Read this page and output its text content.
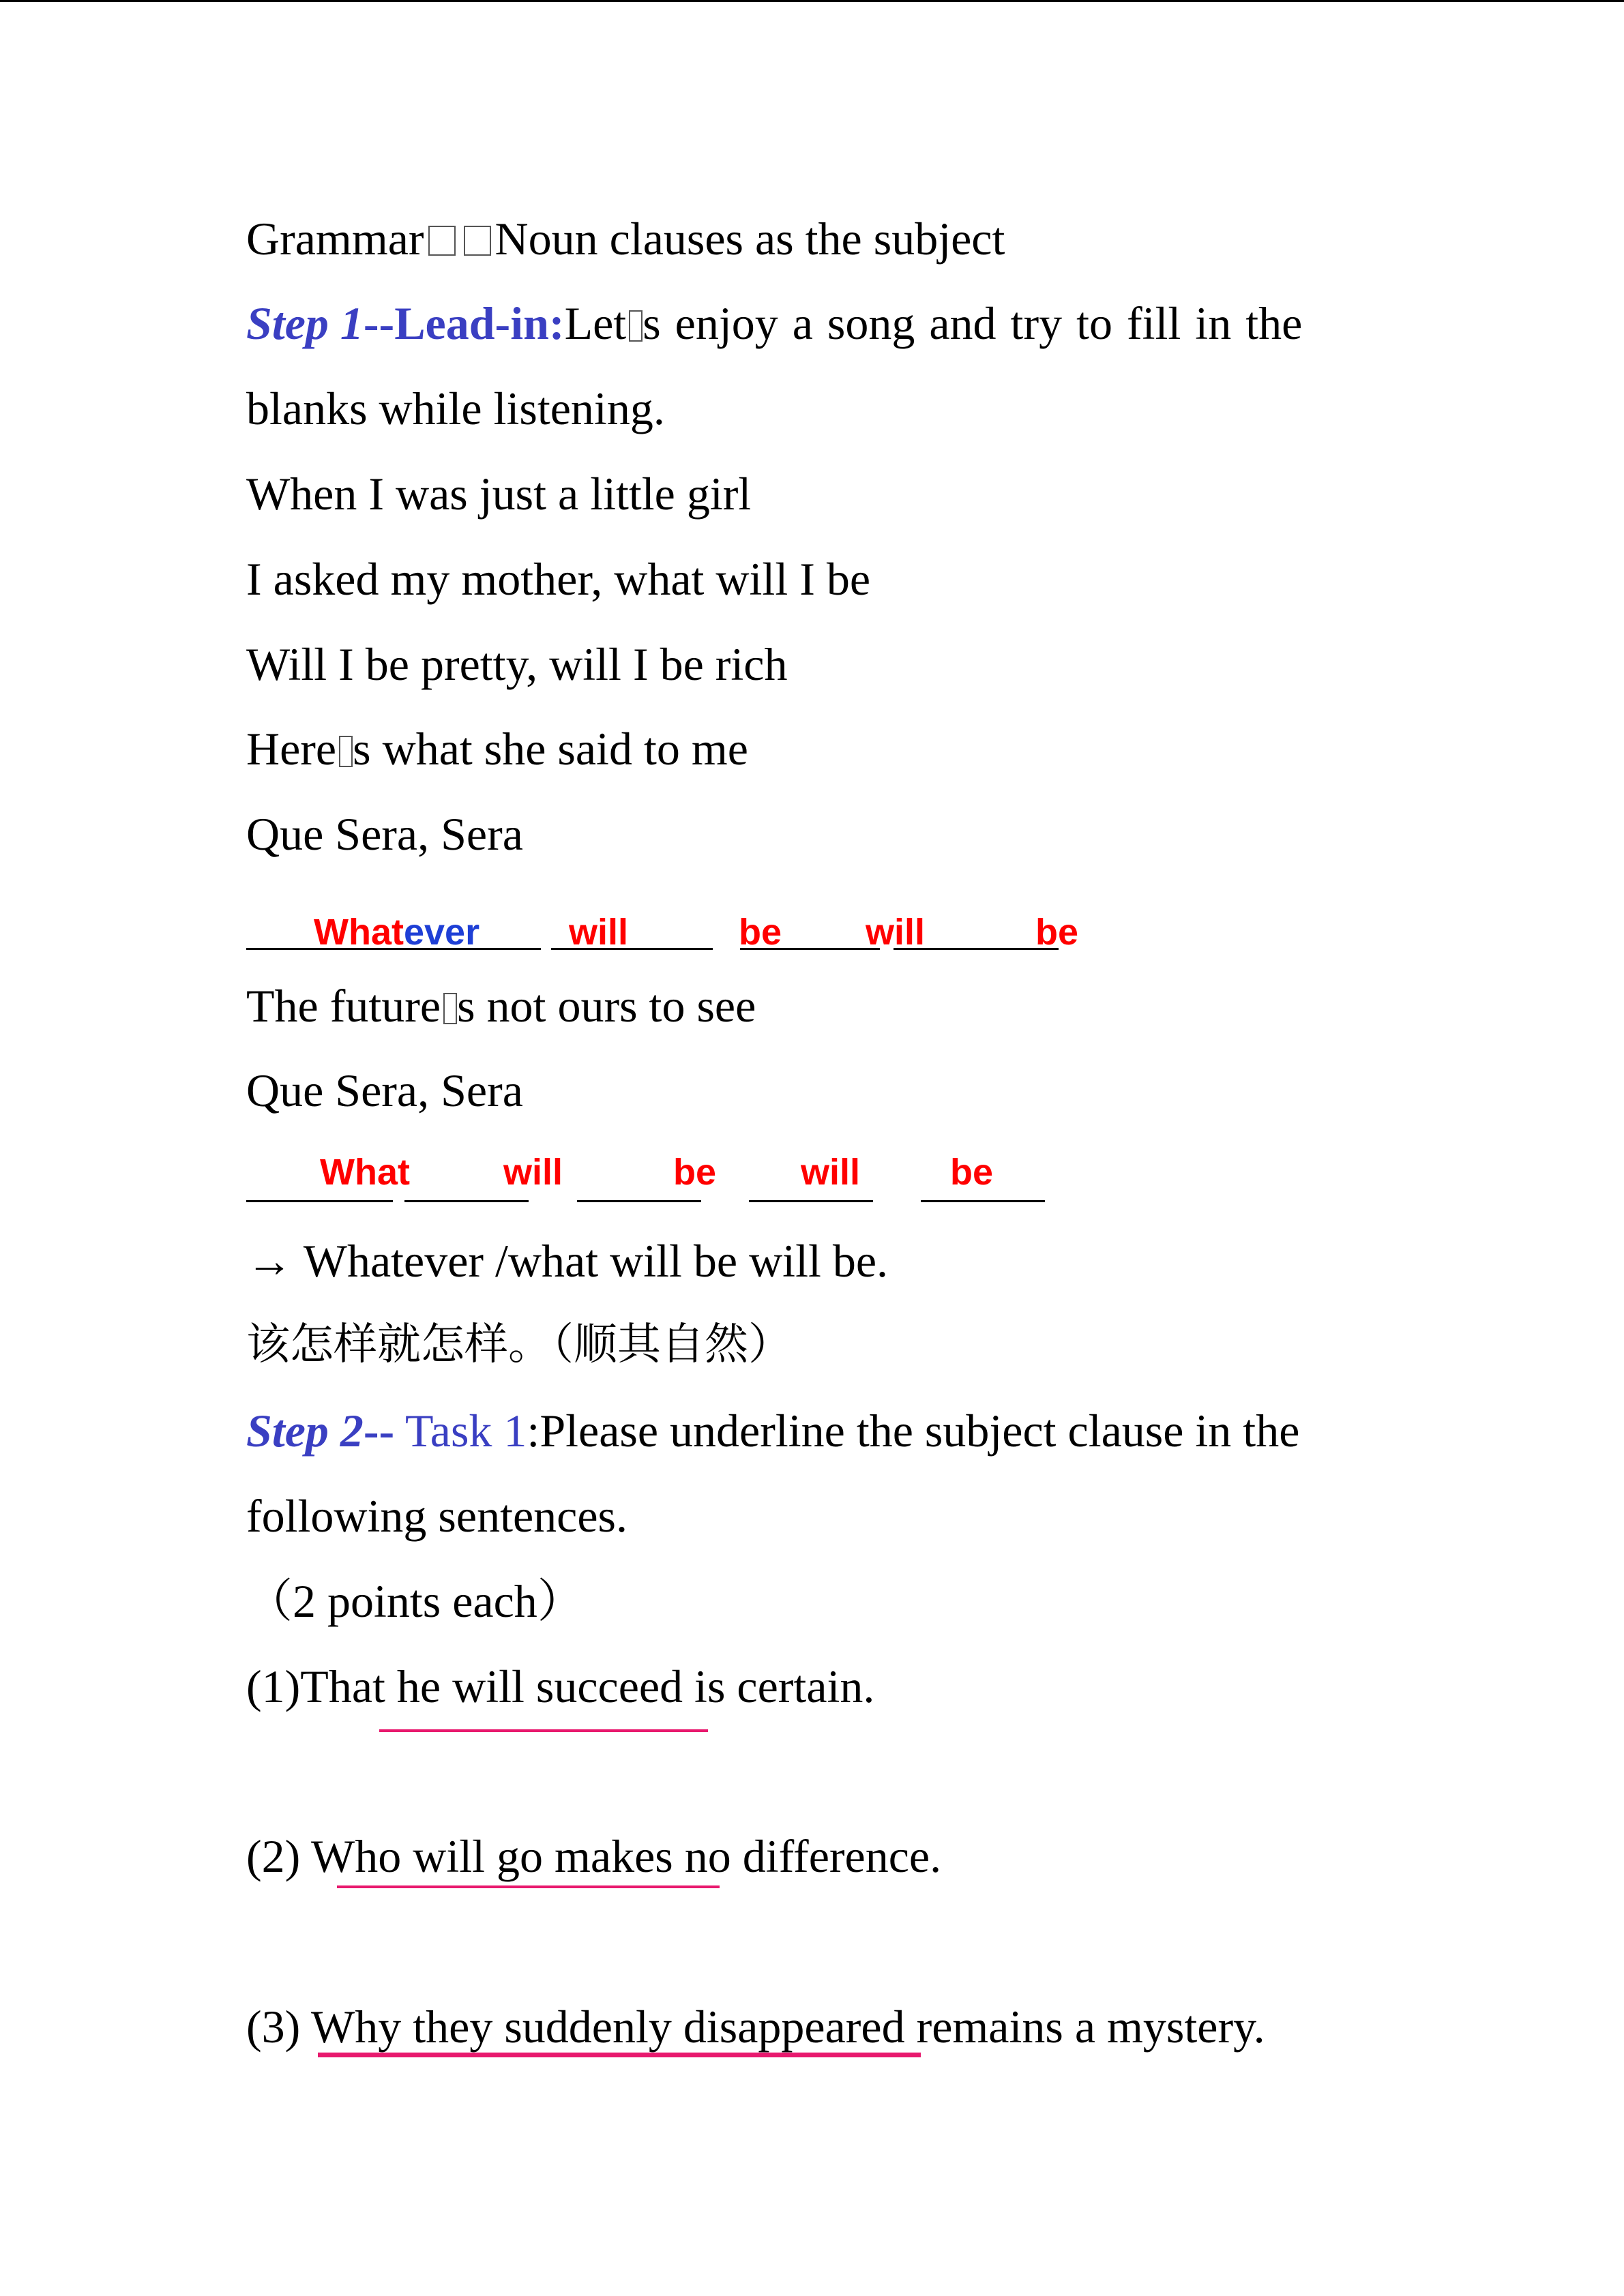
Grammar Noun clauses as the subject

Step 1--Lead-in:Let s enjoy a song and try to fill in the

blanks while listening.

When I was just a little girl

I asked my mother, what will I be

Will I be pretty, will I be rich

Here s what she said to me

Que Sera, Sera

Whatever will	be will	be

The future s not ours to see

Que Sera, Sera

What	will	be will be

→ Whatever /what will be will be.

该怎样就怎样。（顺其自然）

Step 2-- Task 1:Please underline the subject clause in the

following sentences.

（2 points each）

(1)That he will succeed is certain.

(2) Who will go makes no difference.

(3) Why they suddenly disappeared remains a mystery.
